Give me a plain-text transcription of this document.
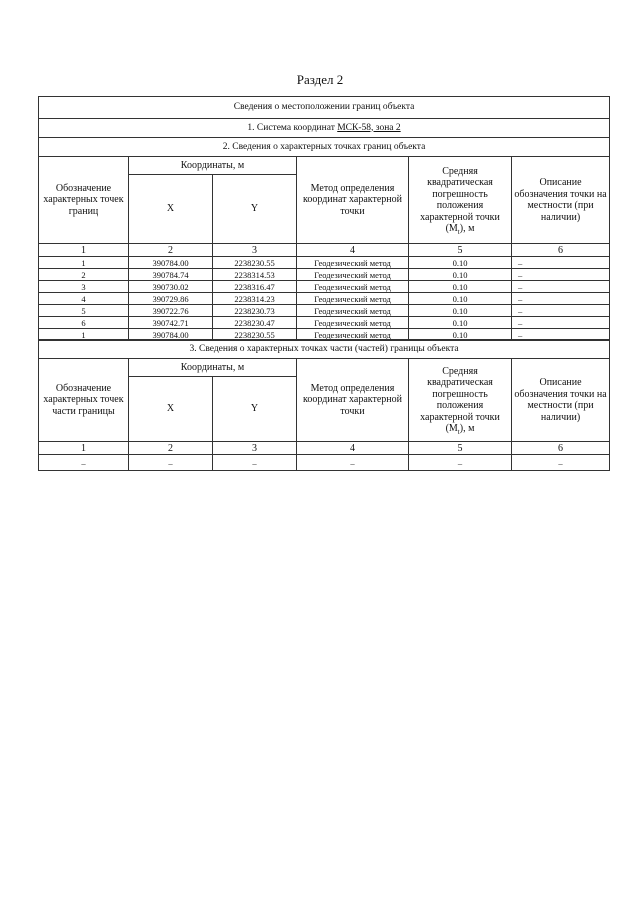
Раздел 2
Сведения о местоположении границ объекта					
1. Система координат МСК-58, зона 2					
2. Сведения о характерных точках границ объекта					
Обозначение характерных точек границ	Координаты, м		Метод определения координат характерной точки	Средняя квадратическая погрешность положения характерной точки $(M_t)$, м	Описание обозначения точки на местности (при наличии)
	X	Y			
1	2	3	4	5	6
1	390784.00	2238230.55	Геодезический метод	0.10	–
2	390784.74	2238314.53	Геодезический метод	0.10	–
3	390730.02	2238316.47	Геодезический метод	0.10	–
4	390729.86	2238314.23	Геодезический метод	0.10	–
5	390722.76	2238230.73	Геодезический метод	0.10	–
6	390742.71	2238230.47	Геодезический метод	0.10	–
1	390784.00	2238230.55	Геодезический метод	0.10	–
3. Сведения о характерных точках части (частей) границы объекта					
Обозначение характерных точек части границы	Координаты, м		Метод определения координат характерной точки	Средняя квадратическая погрешность положения характерной точки $(M_t)$, м	Описание обозначения точки на местности (при наличии)
	X	Y			
1	2	3	4	5	6
–	–	–	–	–	–
